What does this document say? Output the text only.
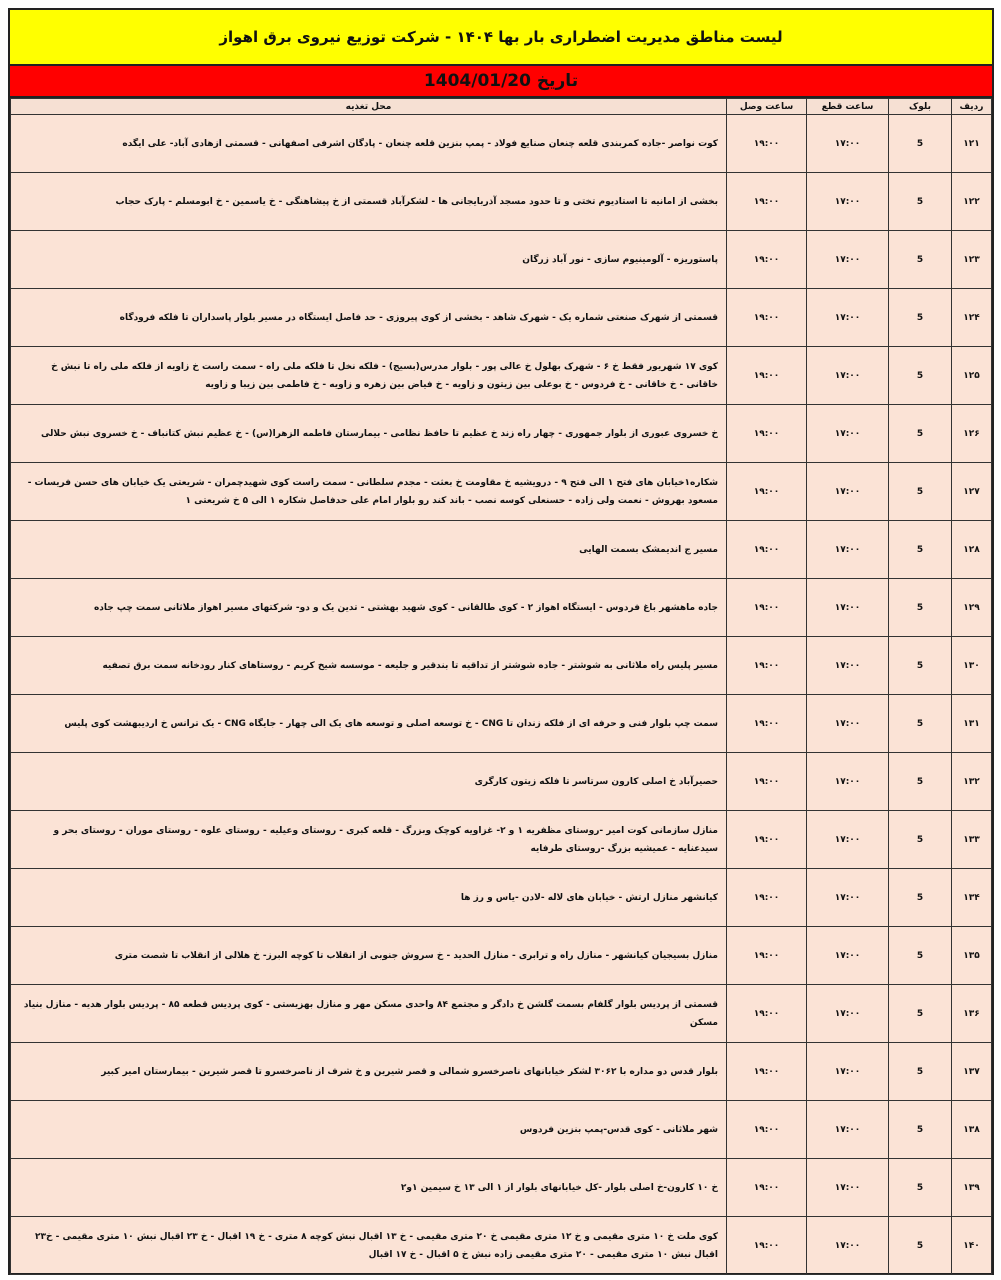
لیست مناطق مدیریت اضطراری بار بها ۱۴۰۴ - شرکت توزیع نیروی برق اهواز
تاریخ 1404/01/20
ردیف	بلوک	ساعت قطع	ساعت وصل	محل تغذیه
۱۲۱	5	۱۷:۰۰	۱۹:۰۰	کوت نواصر -جاده کمربندی قلعه چنعان صنایع فولاد - پمپ بنزین قلعه چنعان - پادگان اشرفی اصفهانی - قسمتی ازهادی آباد- علی ایگده
۱۲۲	5	۱۷:۰۰	۱۹:۰۰	بخشی از امانیه تا استادیوم تختی و تا حدود مسجد آذربایجانی ها - لشکرآباد قسمتی از خ پیشاهنگی - خ یاسمین - خ ابومسلم - پارک حجاب
۱۲۳	5	۱۷:۰۰	۱۹:۰۰	پاستوریزه - آلومینیوم سازی - نور آباد زرگان
۱۲۴	5	۱۷:۰۰	۱۹:۰۰	قسمتی از شهرک صنعتی شماره یک - شهرک شاهد - بخشی از کوی پیروزی - حد فاصل ایستگاه در مسیر بلوار پاسداران تا فلکه فرودگاه
۱۲۵	5	۱۷:۰۰	۱۹:۰۰	کوی ۱۷ شهریور فقط خ ۶ - شهرک بهلول خ عالی پور - بلوار مدرس(بسیج) - فلکه نخل تا فلکه ملی راه - سمت راست خ زاویه از فلکه ملی راه تا نبش خ خاقانی - خ خاقانی - خ فردوس - خ بوعلی بین زیتون و زاویه - خ فیاض بین زهره و زاویه - خ فاطمی بین زیبا و زاویه
۱۲۶	5	۱۷:۰۰	۱۹:۰۰	خ خسروی عبوری از بلوار جمهوری - چهار راه زند خ عظیم تا حافظ نظامی - بیمارستان فاطمه الزهرا(س) - خ عظیم نبش کتانباف - خ خسروی نبش حلالی
۱۲۷	5	۱۷:۰۰	۱۹:۰۰	شکاره۱خیابان های فتح ۱ الی فتح ۹ - درویشیه خ مقاومت خ بعثت - مجدم سلطانی - سمت راست کوی شهیدچمران - شریعتی یک خیابان های حسن فریسات - مسعود بهروش - نعمت ولی زاده - حسنعلی کوسه نصب - باند کند رو بلوار امام علی حدفاصل شکاره ۱ الی ۵ خ شریعتی ۱
۱۲۸	5	۱۷:۰۰	۱۹:۰۰	مسیر ج اندیمشک بسمت الهایی
۱۲۹	5	۱۷:۰۰	۱۹:۰۰	جاده ماهشهر باغ فردوس - ایستگاه اهواز ۲ - کوی طالقانی - کوی شهید بهشتی - تدین یک و دو- شرکتهای مسیر اهواز ملاثانی سمت چپ جاده
۱۳۰	5	۱۷:۰۰	۱۹:۰۰	مسیر پلیس راه ملاثانی به شوشتر - جاده شوشتر از تداقیه تا بندقیر و جلیعه - موسسه شیخ کریم - روستاهای کنار رودخانه سمت برق تصفیه
۱۳۱	5	۱۷:۰۰	۱۹:۰۰	سمت چپ بلوار فنی و حرفه ای از فلکه زندان تا CNG - خ توسعه اصلی و توسعه های یک الی چهار - جایگاه CNG - یک ترانس خ اردیبهشت کوی پلیس
۱۳۲	5	۱۷:۰۰	۱۹:۰۰	حصیرآباد خ اصلی کارون سرتاسر تا فلکه زیتون کارگری
۱۳۳	5	۱۷:۰۰	۱۹:۰۰	منازل سازمانی کوت امیر -روستای مظفریه ۱ و ۲- غزاویه کوچک وبزرگ - قلعه کبری - روستای وعیلیه - روستای علوه - روستای موران - روستای بحر و سیدعنایه - عمیشیه بزرگ -روستای طرفایه
۱۳۴	5	۱۷:۰۰	۱۹:۰۰	کیانشهر منازل ارتش - خیابان های لاله -لادن -یاس و رز ها
۱۳۵	5	۱۷:۰۰	۱۹:۰۰	منازل بسیجیان کیانشهر - منازل راه و ترابری - منازل الحدید - خ سروش جنوبی از انقلاب تا کوچه البرز- خ هلالی از انقلاب تا شصت متری
۱۳۶	5	۱۷:۰۰	۱۹:۰۰	قسمتی از پردیس بلوار گلفام بسمت گلشن خ دادگر و مجتمع ۸۴ واحدی مسکن مهر و منازل بهزیستی - کوی پردیس قطعه ۸۵ - پردیس بلوار هدیه - منازل بنیاد مسکن
۱۳۷	5	۱۷:۰۰	۱۹:۰۰	بلوار قدس دو مداره با ۳۰۶۲ لشکر خیابانهای ناصرخسرو شمالی و قصر شیرین و خ شرف از ناصرخسرو تا قصر شیرین - بیمارستان امیر کبیر
۱۳۸	5	۱۷:۰۰	۱۹:۰۰	شهر ملاثانی - کوی قدس-پمپ بنزین فردوس
۱۳۹	5	۱۷:۰۰	۱۹:۰۰	خ ۱۰ کارون-خ اصلی بلوار -کل خیابانهای بلوار از ۱ الی ۱۳ خ سیمین ۱و۲
۱۴۰	5	۱۷:۰۰	۱۹:۰۰	کوی ملت خ ۱۰ متری مقیمی و خ ۱۲ متری مقیمی خ ۲۰ متری مقیمی - خ ۱۳ اقبال نبش کوچه ۸ متری - خ ۱۹ اقبال - خ ۲۳ اقبال نبش ۱۰ متری مقیمی - خ۲۳ اقبال نبش ۱۰ متری مقیمی - ۲۰ متری مقیمی زاده نبش خ ۵ اقبال - خ ۱۷ اقبال
